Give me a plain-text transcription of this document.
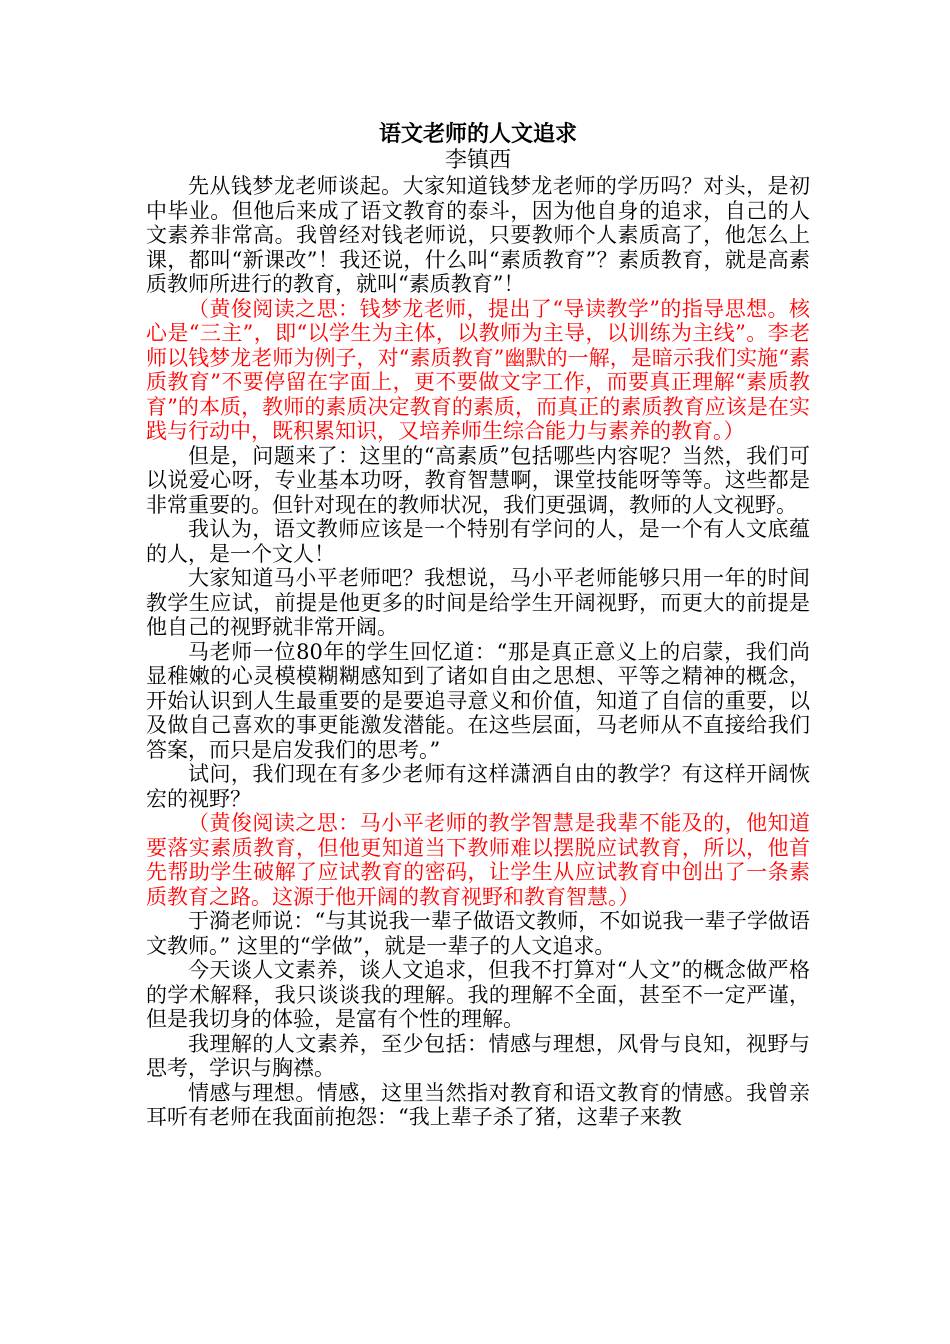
语文老师的人文追求

李镇西

先从钱梦龙老师谈起。大家知道钱梦龙老师的学历吗？对头，是初中毕业。但他后来成了语文教育的泰斗，因为他自身的追求，自己的人文素养非常高。我曾经对钱老师说，只要教师个人素质高了，他怎么上课，都叫“新课改”！我还说，什么叫“素质教育”？素质教育，就是高素质教师所进行的教育，就叫“素质教育”！

（黄俊阅读之思：钱梦龙老师，提出了“导读教学”的指导思想。核心是“三主”，即“以学生为主体，以教师为主导，以训练为主线”。李老师以钱梦龙老师为例子，对“素质教育”幽默的一解，是暗示我们实施“素质教育”不要停留在字面上，更不要做文字工作，而要真正理解“素质教育”的本质，教师的素质决定教育的素质，而真正的素质教育应该是在实践与行动中，既积累知识，又培养师生综合能力与素养的教育。）

但是，问题来了：这里的“高素质”包括哪些内容呢？当然，我们可以说爱心呀，专业基本功呀，教育智慧啊，课堂技能呀等等。这些都是非常重要的。但针对现在的教师状况，我们更强调，教师的人文视野。

我认为，语文教师应该是一个特别有学问的人，是一个有人文底蕴的人，是一个文人！

大家知道马小平老师吧？我想说，马小平老师能够只用一年的时间教学生应试，前提是他更多的时间是给学生开阔视野，而更大的前提是他自己的视野就非常开阔。

马老师一位80年的学生回忆道：“那是真正意义上的启蒙，我们尚显稚嫩的心灵模模糊糊感知到了诸如自由之思想、平等之精神的概念，开始认识到人生最重要的是要追寻意义和价值，知道了自信的重要，以及做自己喜欢的事更能激发潜能。在这些层面，马老师从不直接给我们答案，而只是启发我们的思考。”

试问，我们现在有多少老师有这样潇洒自由的教学？有这样开阔恢宏的视野？

（黄俊阅读之思：马小平老师的教学智慧是我辈不能及的，他知道要落实素质教育，但他更知道当下教师难以摆脱应试教育，所以，他首先帮助学生破解了应试教育的密码，让学生从应试教育中创出了一条素质教育之路。这源于他开阔的教育视野和教育智慧。）

于漪老师说：“与其说我一辈子做语文教师，不如说我一辈子学做语文教师。” 这里的“学做”，就是一辈子的人文追求。

今天谈人文素养，谈人文追求，但我不打算对“人文”的概念做严格的学术解释，我只谈谈我的理解。我的理解不全面，甚至不一定严谨，但是我切身的体验，是富有个性的理解。

我理解的人文素养，至少包括：情感与理想，风骨与良知，视野与思考，学识与胸襟。

情感与理想。情感，这里当然指对教育和语文教育的情感。我曾亲耳听有老师在我面前抱怨：“我上辈子杀了猪，这辈子来教
